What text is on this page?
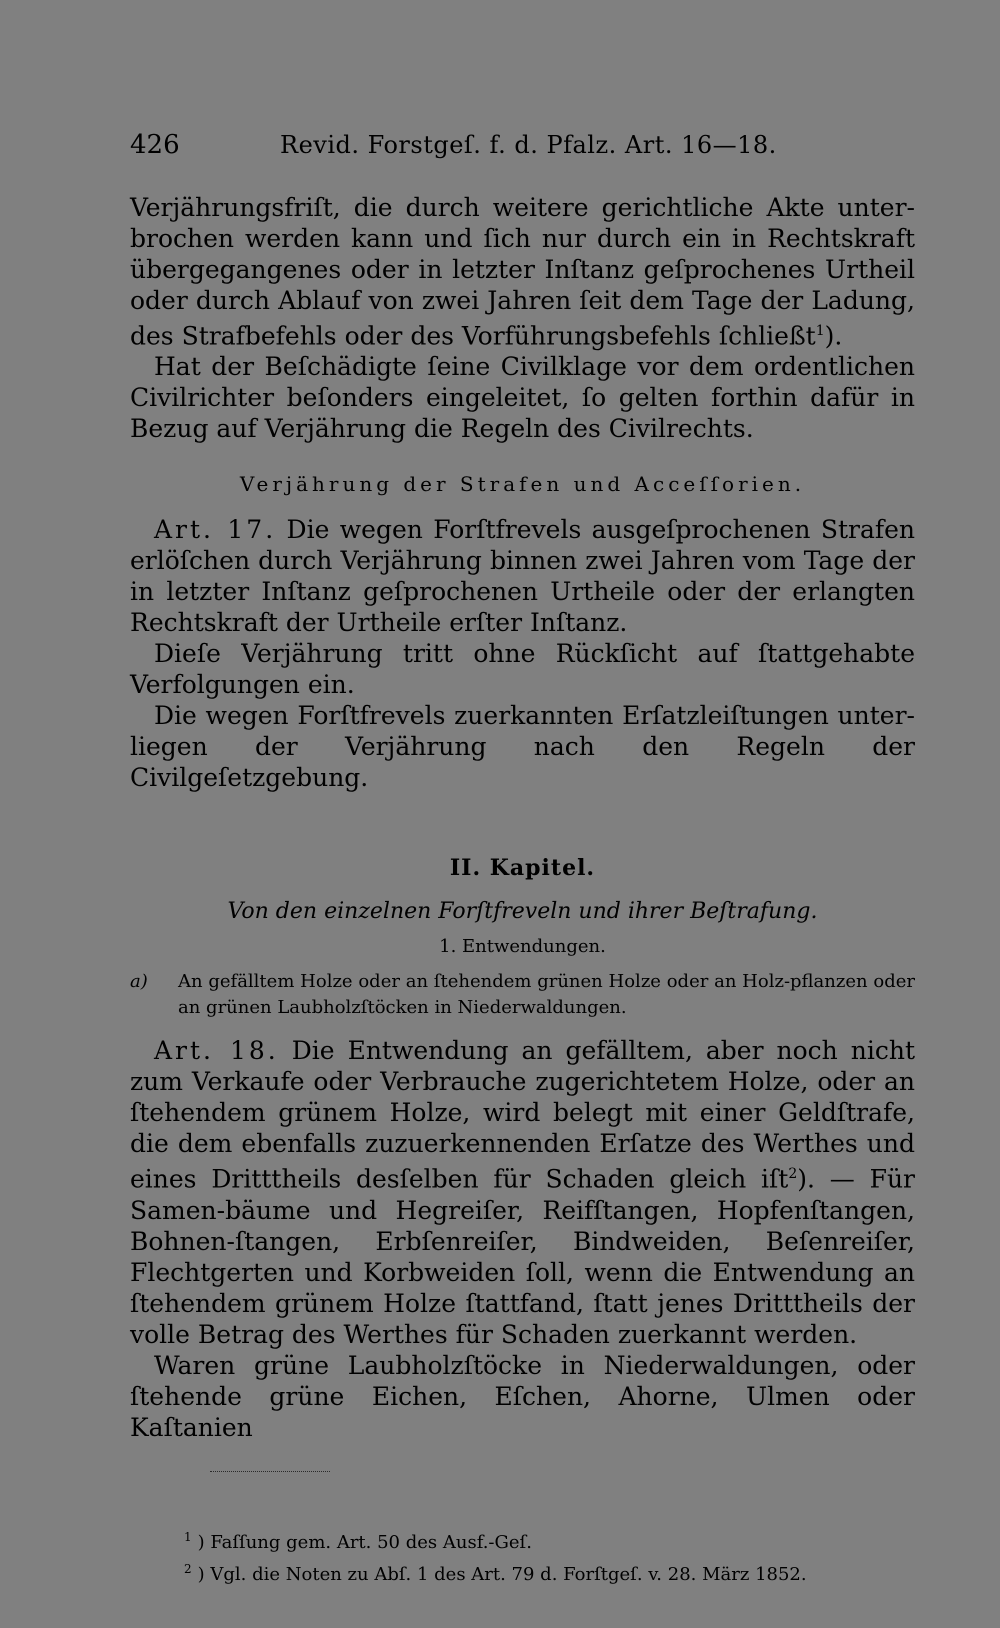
426	Revid. Forstgeſ. f. d. Pfalz. Art. 16—18.

Verjährungsfriſt, die durch weitere gerichtliche Akte unter-brochen werden kann und ſich nur durch ein in Rechtskraft übergegangenes oder in letzter Inſtanz geſprochenes Urtheil oder durch Ablauf von zwei Jahren ſeit dem Tage der Ladung, des Strafbefehls oder des Vorführungsbefehls ſchließt$^1$).

Hat der Beſchädigte ſeine Civilklage vor dem ordentlichen Civilrichter beſonders eingeleitet, ſo gelten forthin dafür in Bezug auf Verjährung die Regeln des Civilrechts.

Verjährung der Strafen und Acceſſorien.

Art. 17. Die wegen Forſtfrevels ausgeſprochenen Strafen erlöſchen durch Verjährung binnen zwei Jahren vom Tage der in letzter Inſtanz geſprochenen Urtheile oder der erlangten Rechtskraft der Urtheile erſter Inſtanz.

Dieſe Verjährung tritt ohne Rückſicht auf ſtattgehabte Verfolgungen ein.

Die wegen Forſtfrevels zuerkannten Erſatzleiſtungen unter-liegen der Verjährung nach den Regeln der Civilgeſetzgebung.

II. Kapitel.
Von den einzelnen Forſtfreveln und ihrer Beſtrafung.
1. Entwendungen.

a) An gefälltem Holze oder an ſtehendem grünen Holze oder an Holz-pflanzen oder an grünen Laubholzſtöcken in Niederwaldungen.

Art. 18. Die Entwendung an gefälltem, aber noch nicht zum Verkaufe oder Verbrauche zugerichtetem Holze, oder an ſtehendem grünem Holze, wird belegt mit einer Geldſtrafe, die dem ebenfalls zuzuerkennenden Erſatze des Werthes und eines Dritttheils desſelben für Schaden gleich iſt$^2$). — Für Samen-bäume und Hegreiſer, Reifſtangen, Hopfenſtangen, Bohnen-ſtangen, Erbſenreiſer, Bindweiden, Beſenreiſer, Flechtgerten und Korbweiden ſoll, wenn die Entwendung an ſtehendem grünem Holze ſtattfand, ſtatt jenes Dritttheils der volle Betrag des Werthes für Schaden zuerkannt werden.

Waren grüne Laubholzſtöcke in Niederwaldungen, oder ſtehende grüne Eichen, Eſchen, Ahorne, Ulmen oder Kaſtanien

$^1$ ) Faſſung gem. Art. 50 des Ausf.-Geſ.

$^2$ ) Vgl. die Noten zu Abſ. 1 des Art. 79 d. Forſtgeſ. v. 28. März 1852.
